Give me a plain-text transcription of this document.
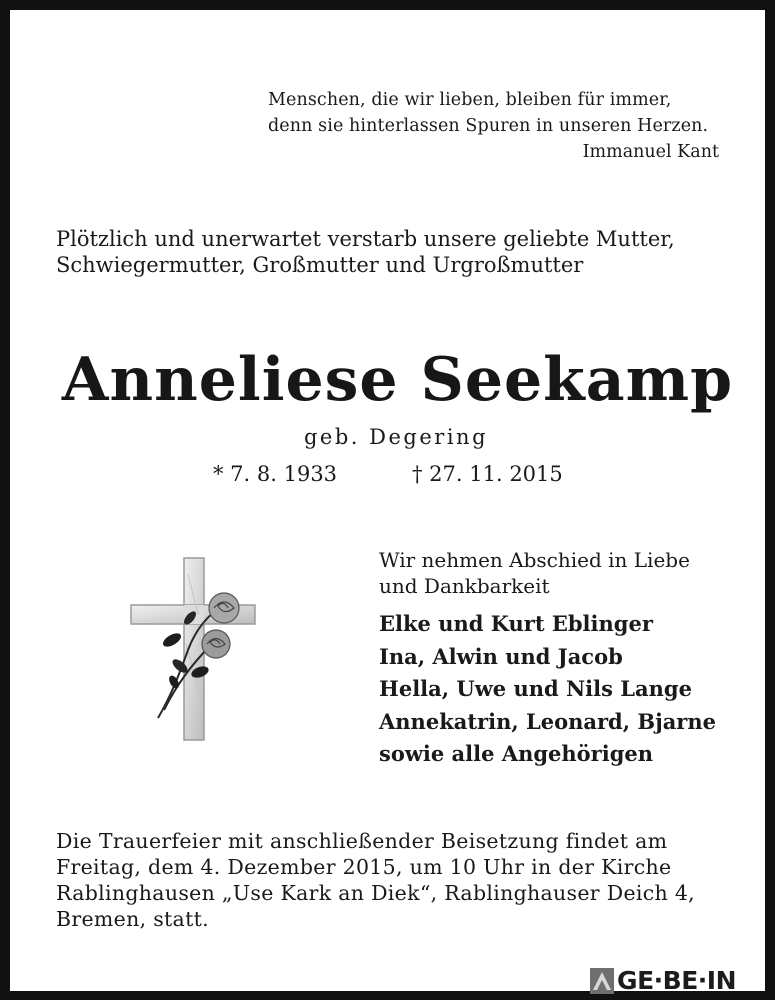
Menschen, die wir lieben, bleiben für immer,
denn sie hinterlassen Spuren in unseren Herzen.
Immanuel Kant
Plötzlich und unerwartet verstarb unsere geliebte Mutter,
Schwiegermutter, Großmutter und Urgroßmutter
Anneliese Seekamp
geb. Degering
* 7. 8. 1933	† 27. 11. 2015
Wir nehmen Abschied in Liebe
und Dankbarkeit
Elke und Kurt Eblinger
Ina, Alwin und Jacob
Hella, Uwe und Nils Lange
Annekatrin, Leonard, Bjarne
sowie alle Angehörigen
Die Trauerfeier mit anschließender Beisetzung findet am
Freitag, dem 4. Dezember 2015, um 10 Uhr in der Kirche
Rablinghausen „Use Kark an Diek“, Rablinghauser Deich 4,
Bremen, statt.
GE·BE·IN
